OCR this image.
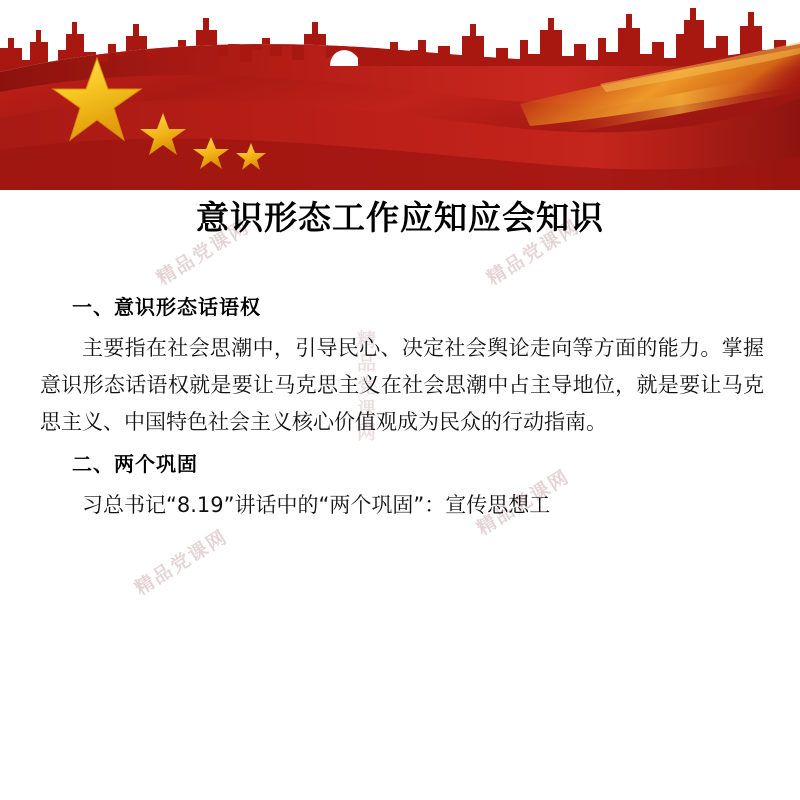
精品党课网	精品党课网
精品党课网
精品党课网
精品党课网
意识形态工作应知应会知识
一、意识形态话语权

主要指在社会思潮中，引导民心、决定社会舆论走向等方面的能力。掌握意识形态话语权就是要让马克思主义在社会思潮中占主导地位，就是要让马克思主义、中国特色社会主义核心价值观成为民众的行动指南。

二、两个巩固

习总书记“8.19”讲话中的“两个巩固”：宣传思想工
